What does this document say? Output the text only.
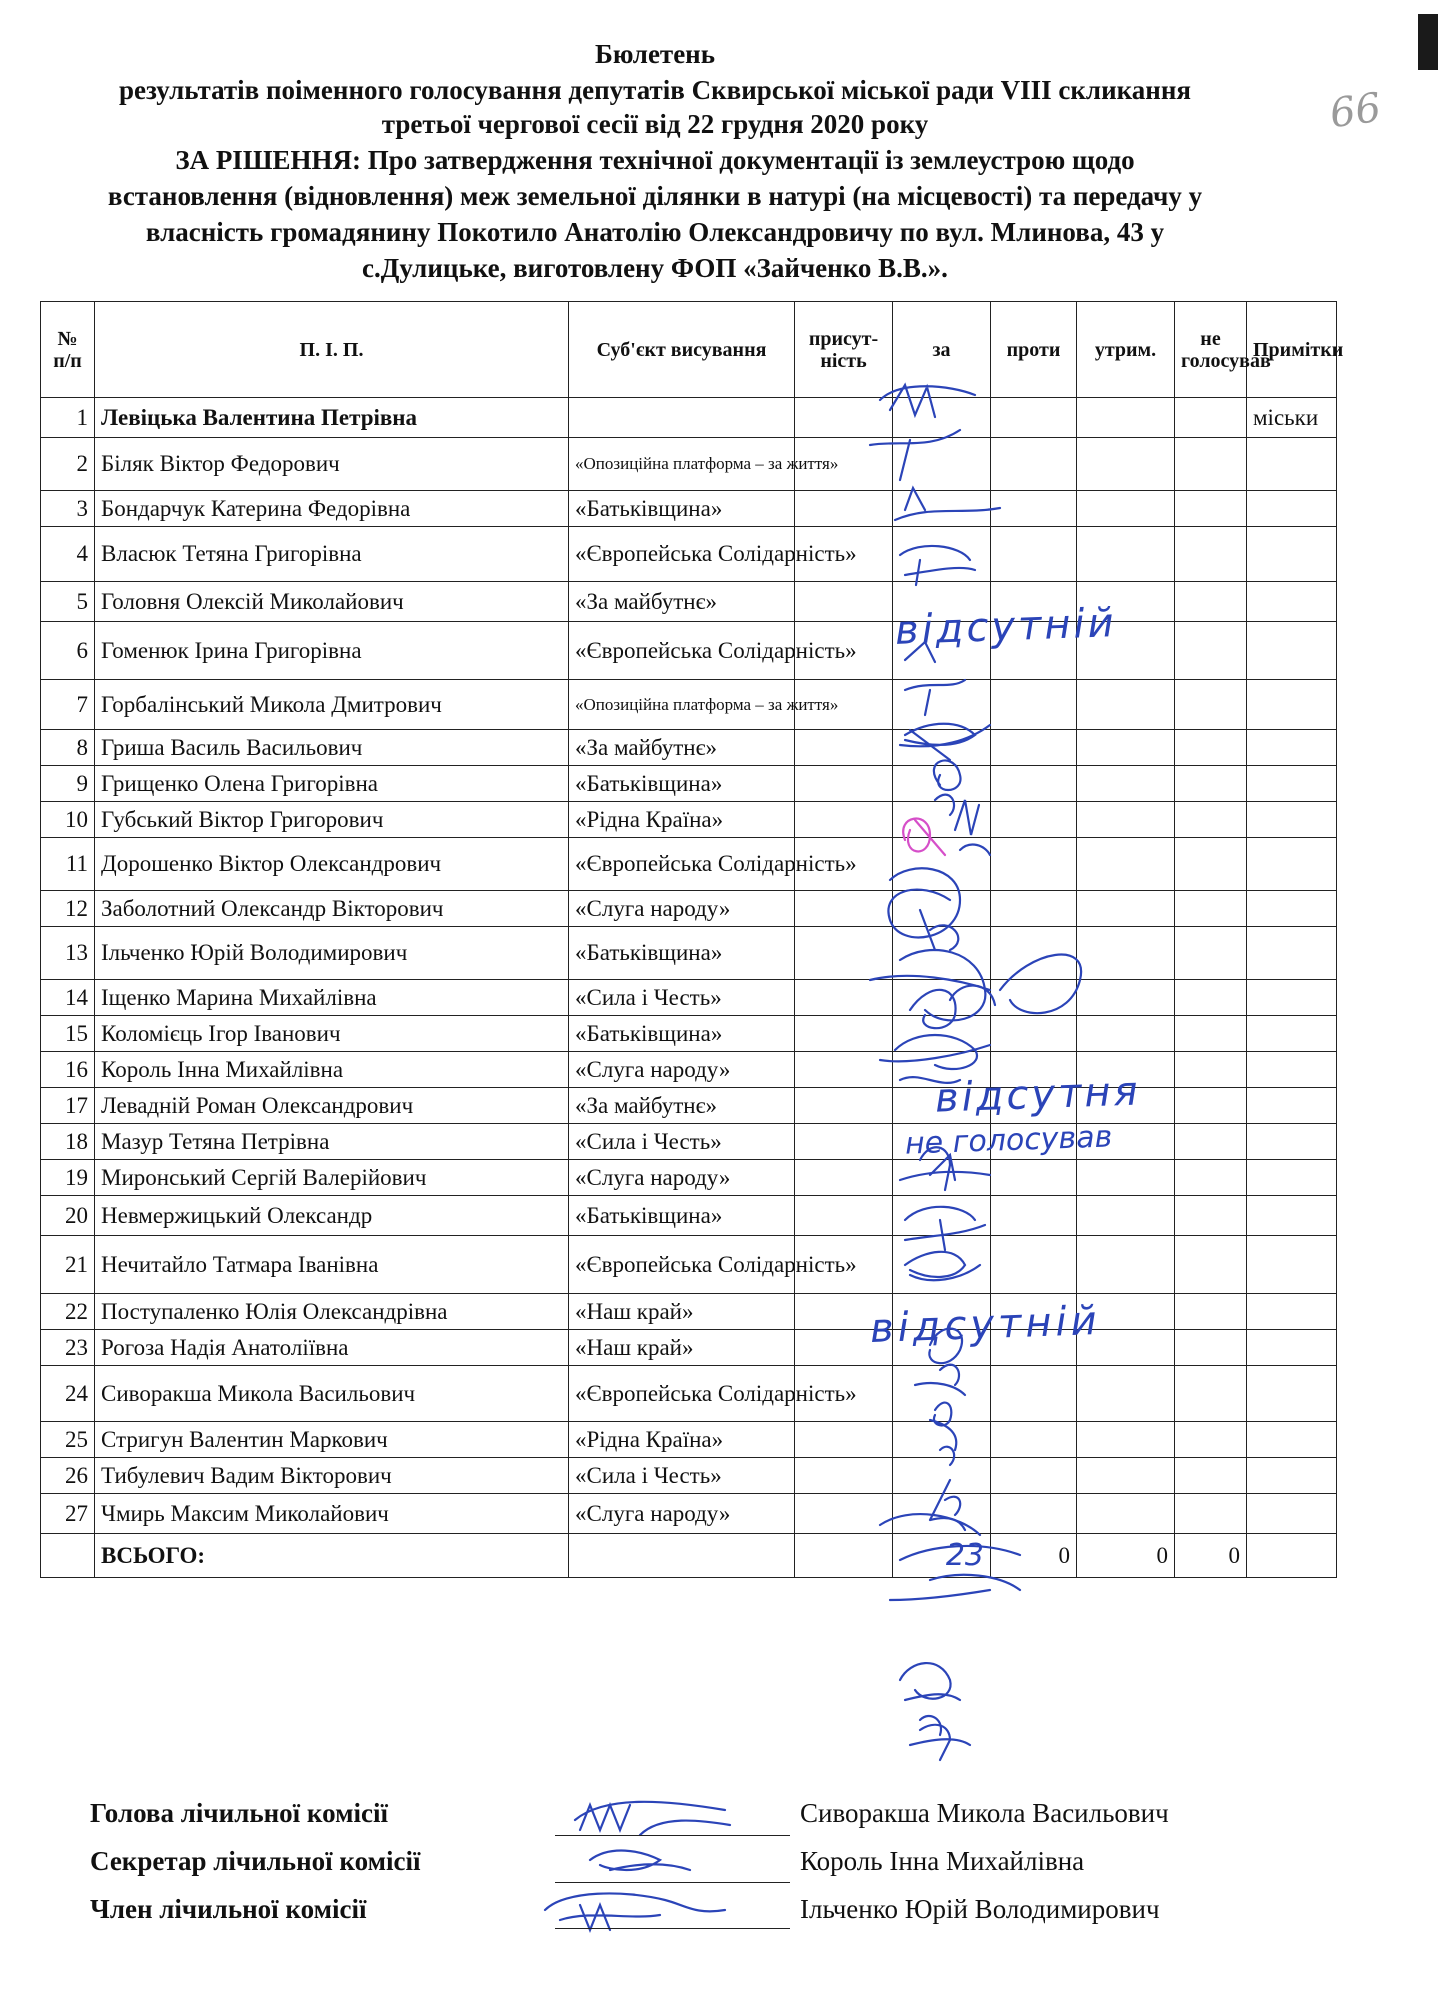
66
Бюлетень
результатів поіменного голосування депутатів Сквирської міської ради VIII скликання
третьої чергової сесії від 22 грудня 2020 року
ЗА РІШЕННЯ: Про затвердження технічної документації із землеустрою щодо
встановлення (відновлення) меж земельної ділянки в натурі (на місцевості) та передачу у
власність громадянину Покотило Анатолію Олександровичу по вул. Млинова, 43 у
с.Дулицьке, виготовлену ФОП «Зайченко В.В.».
№ п/п	П. І. П.	Суб'єкт висування	присут-ність	за	проти	утрим.	не голосував	Примітки
1	Левіцька Валентина Петрівна							міськи
2	Біляк Віктор Федорович	«Опозиційна платформа – за життя»						
3	Бондарчук Катерина Федорівна	«Батьківщина»						
4	Власюк Тетяна Григорівна	«Європейська Солідарність»						
5	Головня Олексій Миколайович	«За майбутнє»						
6	Гоменюк Ірина Григорівна	«Європейська Солідарність»						
7	Горбалінський Микола Дмитрович	«Опозиційна платформа – за життя»						
8	Гриша Василь Васильович	«За майбутнє»						
9	Грищенко Олена Григорівна	«Батьківщина»						
10	Губський Віктор Григорович	«Рідна Країна»						
11	Дорошенко Віктор Олександрович	«Європейська Солідарність»						
12	Заболотний Олександр Вікторович	«Слуга народу»						
13	Ільченко Юрій Володимирович	«Батьківщина»						
14	Іщенко Марина Михайлівна	«Сила і Честь»						
15	Коломієць Ігор Іванович	«Батьківщина»						
16	Король Інна Михайлівна	«Слуга народу»						
17	Левадній Роман Олександрович	«За майбутнє»						
18	Мазур Тетяна Петрівна	«Сила і Честь»						
19	Миронський Сергій Валерійович	«Слуга народу»						
20	Невмержицький Олександр	«Батьківщина»						
21	Нечитайло Татмара Іванівна	«Європейська Солідарність»						
22	Поступаленко Юлія Олександрівна	«Наш край»						
23	Рогоза Надія Анатоліївна	«Наш край»						
24	Сиворакша Микола Васильович	«Європейська Солідарність»						
25	Стригун Валентин Маркович	«Рідна Країна»						
26	Тибулевич Вадим Вікторович	«Сила і Честь»						
27	Чмирь Максим Миколайович	«Слуга народу»						
	ВСЬОГО:			23	0	0	0	
відсутній
відсутня
не голосував
відсутній
Голова лічильної комісії	Сиворакша Микола Васильович
Секретар лічильної комісії	Король Інна Михайлівна
Член лічильної комісії	Ільченко Юрій Володимирович
